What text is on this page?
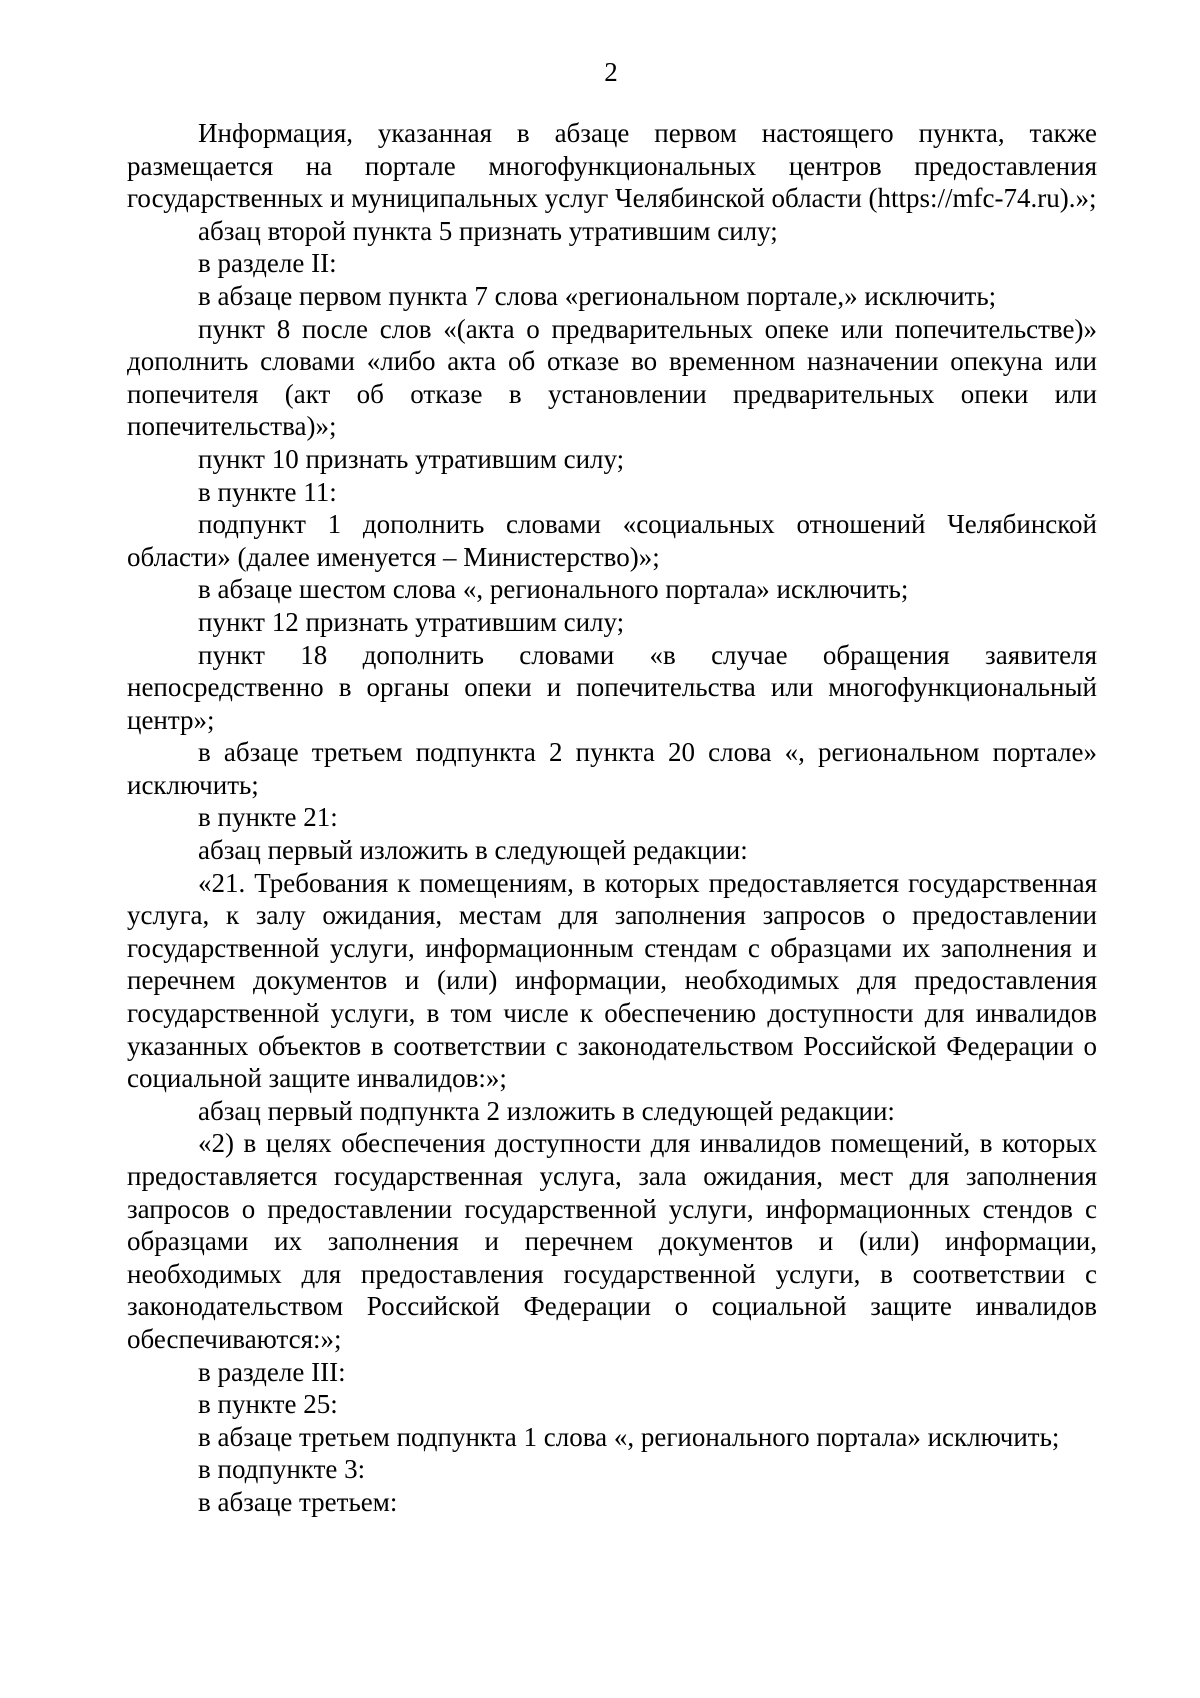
2

Информация, указанная в абзаце первом настоящего пункта, также размещается на портале многофункциональных центров предоставления государственных и муниципальных услуг Челябинской области (https://mfc-74.ru).»;

абзац второй пункта 5 признать утратившим силу;

в разделе II:

в абзаце первом пункта 7 слова «региональном портале,» исключить;

пункт 8 после слов «(акта о предварительных опеке или попечительстве)» дополнить словами «либо акта об отказе во временном назначении опекуна или попечителя (акт об отказе в установлении предварительных опеки или попечительства)»;

пункт 10 признать утратившим силу;

в пункте 11:

подпункт 1 дополнить словами «социальных отношений Челябинской области» (далее именуется – Министерство)»;

в абзаце шестом слова «, регионального портала» исключить;

пункт 12 признать утратившим силу;

пункт 18 дополнить словами «в случае обращения заявителя непосредственно в органы опеки и попечительства или многофункциональный центр»;

в абзаце третьем подпункта 2 пункта 20 слова «, региональном портале» исключить;

в пункте 21:

абзац первый изложить в следующей редакции:

«21. Требования к помещениям, в которых предоставляется государственная услуга, к залу ожидания, местам для заполнения запросов о предоставлении государственной услуги, информационным стендам с образцами их заполнения и перечнем документов и (или) информации, необходимых для предоставления государственной услуги, в том числе к обеспечению доступности для инвалидов указанных объектов в соответствии с законодательством Российской Федерации о социальной защите инвалидов:»;

абзац первый подпункта 2 изложить в следующей редакции:

«2) в целях обеспечения доступности для инвалидов помещений, в которых предоставляется государственная услуга, зала ожидания, мест для заполнения запросов о предоставлении государственной услуги, информационных стендов с образцами их заполнения и перечнем документов и (или) информации, необходимых для предоставления государственной услуги, в соответствии с законодательством Российской Федерации о социальной защите инвалидов обеспечиваются:»;

в разделе III:

в пункте 25:

в абзаце третьем подпункта 1 слова «, регионального портала» исключить;

в подпункте 3:

в абзаце третьем:
